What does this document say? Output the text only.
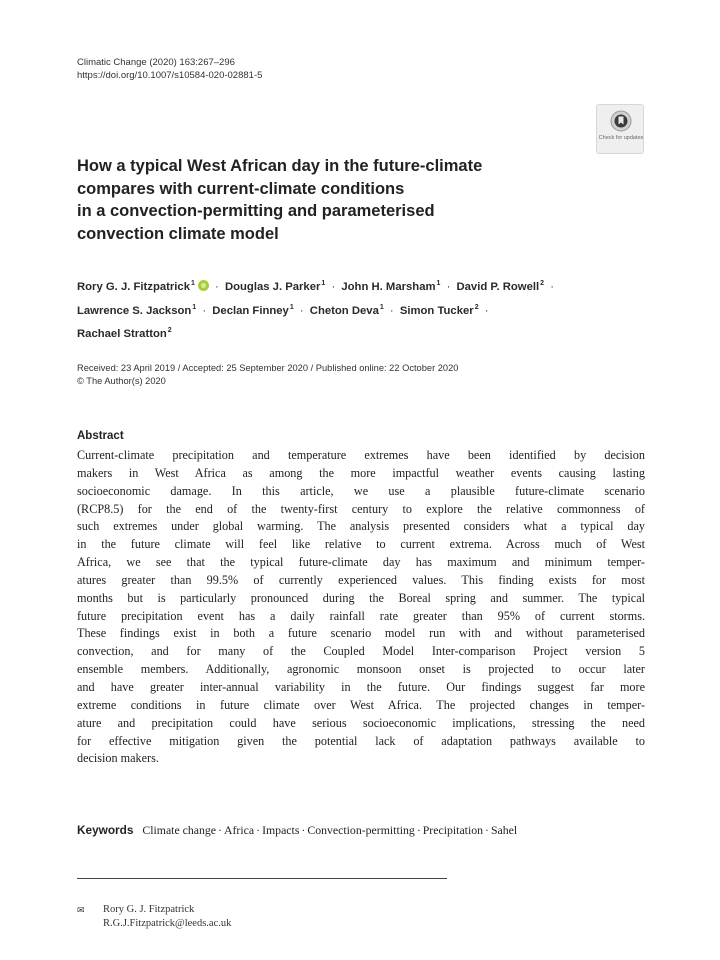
Climatic Change (2020) 163:267–296
https://doi.org/10.1007/s10584-020-02881-5
Check for updates
How a typical West African day in the future-climate
compares with current-climate conditions
in a convection-permitting and parameterised
convection climate model
Rory G. J. Fitzpatrick$^1$ · Douglas J. Parker$^1$ · John H. Marsham$^1$ · David P. Rowell$^2$ ·
Lawrence S. Jackson$^1$ · Declan Finney$^1$ · Cheton Deva$^1$ · Simon Tucker$^2$ ·
Rachael Stratton$^2$
Received: 23 April 2019 / Accepted: 25 September 2020 / Published online: 22 October 2020
© The Author(s) 2020
Abstract
Current-climate precipitation and temperature extremes have been identified by decision
makers in West Africa as among the more impactful weather events causing lasting
socioeconomic damage. In this article, we use a plausible future-climate scenario
(RCP8.5) for the end of the twenty-first century to explore the relative commonness of
such extremes under global warming. The analysis presented considers what a typical day
in the future climate will feel like relative to current extrema. Across much of West
Africa, we see that the typical future-climate day has maximum and minimum temper-
atures greater than 99.5% of currently experienced values. This finding exists for most
months but is particularly pronounced during the Boreal spring and summer. The typical
future precipitation event has a daily rainfall rate greater than 95% of current storms.
These findings exist in both a future scenario model run with and without parameterised
convection, and for many of the Coupled Model Inter-comparison Project version 5
ensemble members. Additionally, agronomic monsoon onset is projected to occur later
and have greater inter-annual variability in the future. Our findings suggest far more
extreme conditions in future climate over West Africa. The projected changes in temper-
ature and precipitation could have serious socioeconomic implications, stressing the need
for effective mitigation given the potential lack of adaptation pathways available to
decision makers.
Keywords Climate change · Africa · Impacts · Convection-permitting · Precipitation · Sahel
✉ Rory G. J. Fitzpatrick
R.G.J.Fitzpatrick@leeds.ac.uk
